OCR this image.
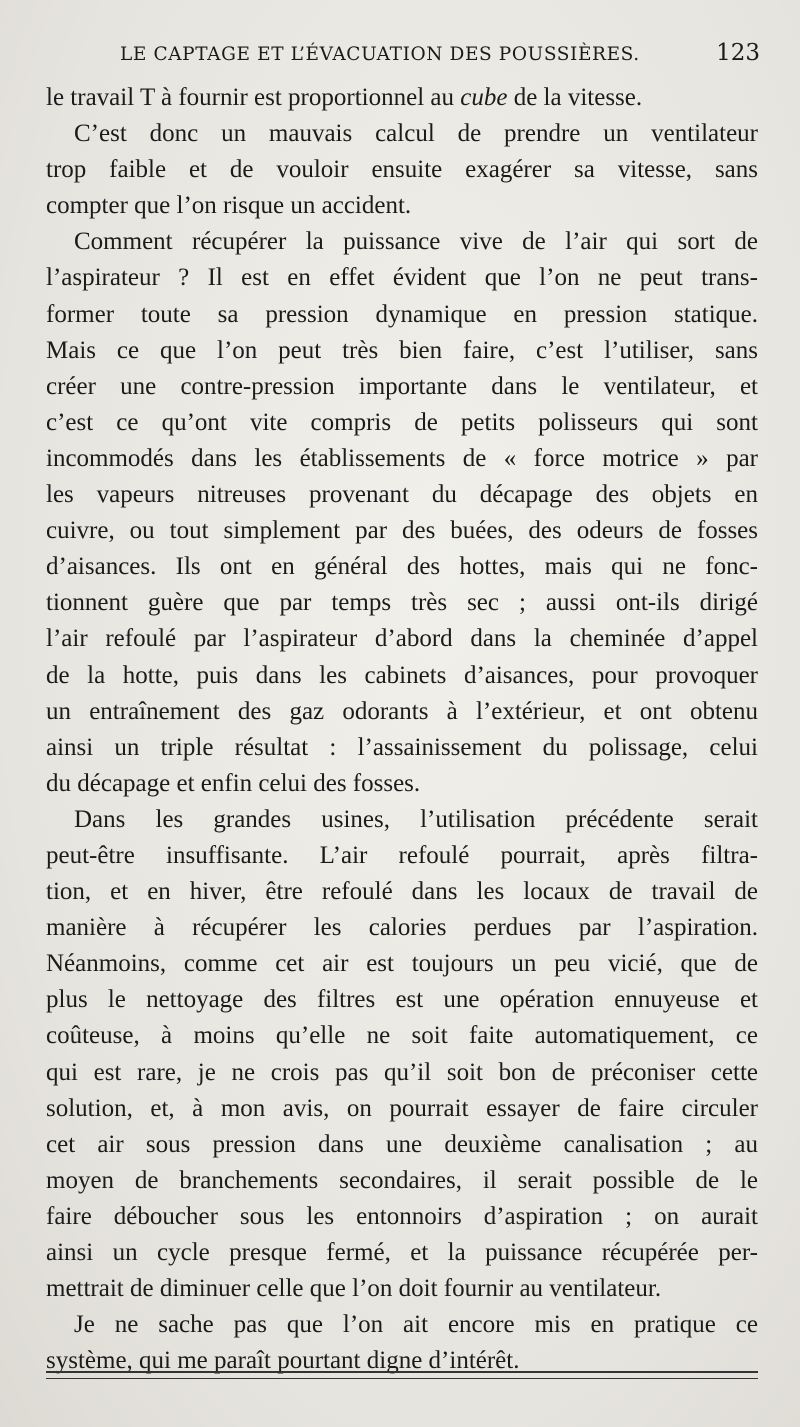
LE CAPTAGE ET L’ÉVACUATION DES POUSSIÈRES.	123
le travail T à fournir est proportionnel au cube de la vitesse.
C’est donc un mauvais calcul de prendre un ventilateur
trop faible et de vouloir ensuite exagérer sa vitesse, sans
compter que l’on risque un accident.
Comment récupérer la puissance vive de l’air qui sort de
l’aspirateur ? Il est en effet évident que l’on ne peut trans-
former toute sa pression dynamique en pression statique.
Mais ce que l’on peut très bien faire, c’est l’utiliser, sans
créer une contre-pression importante dans le ventilateur, et
c’est ce qu’ont vite compris de petits polisseurs qui sont
incommodés dans les établissements de « force motrice » par
les vapeurs nitreuses provenant du décapage des objets en
cuivre, ou tout simplement par des buées, des odeurs de fosses
d’aisances. Ils ont en général des hottes, mais qui ne fonc-
tionnent guère que par temps très sec ; aussi ont-ils dirigé
l’air refoulé par l’aspirateur d’abord dans la cheminée d’appel
de la hotte, puis dans les cabinets d’aisances, pour provoquer
un entraînement des gaz odorants à l’extérieur, et ont obtenu
ainsi un triple résultat : l’assainissement du polissage, celui
du décapage et enfin celui des fosses.
Dans les grandes usines, l’utilisation précédente serait
peut-être insuffisante. L’air refoulé pourrait, après filtra-
tion, et en hiver, être refoulé dans les locaux de travail de
manière à récupérer les calories perdues par l’aspiration.
Néanmoins, comme cet air est toujours un peu vicié, que de
plus le nettoyage des filtres est une opération ennuyeuse et
coûteuse, à moins qu’elle ne soit faite automatiquement, ce
qui est rare, je ne crois pas qu’il soit bon de préconiser cette
solution, et, à mon avis, on pourrait essayer de faire circuler
cet air sous pression dans une deuxième canalisation ; au
moyen de branchements secondaires, il serait possible de le
faire déboucher sous les entonnoirs d’aspiration ; on aurait
ainsi un cycle presque fermé, et la puissance récupérée per-
mettrait de diminuer celle que l’on doit fournir au ventilateur.
Je ne sache pas que l’on ait encore mis en pratique ce
système, qui me paraît pourtant digne d’intérêt.
